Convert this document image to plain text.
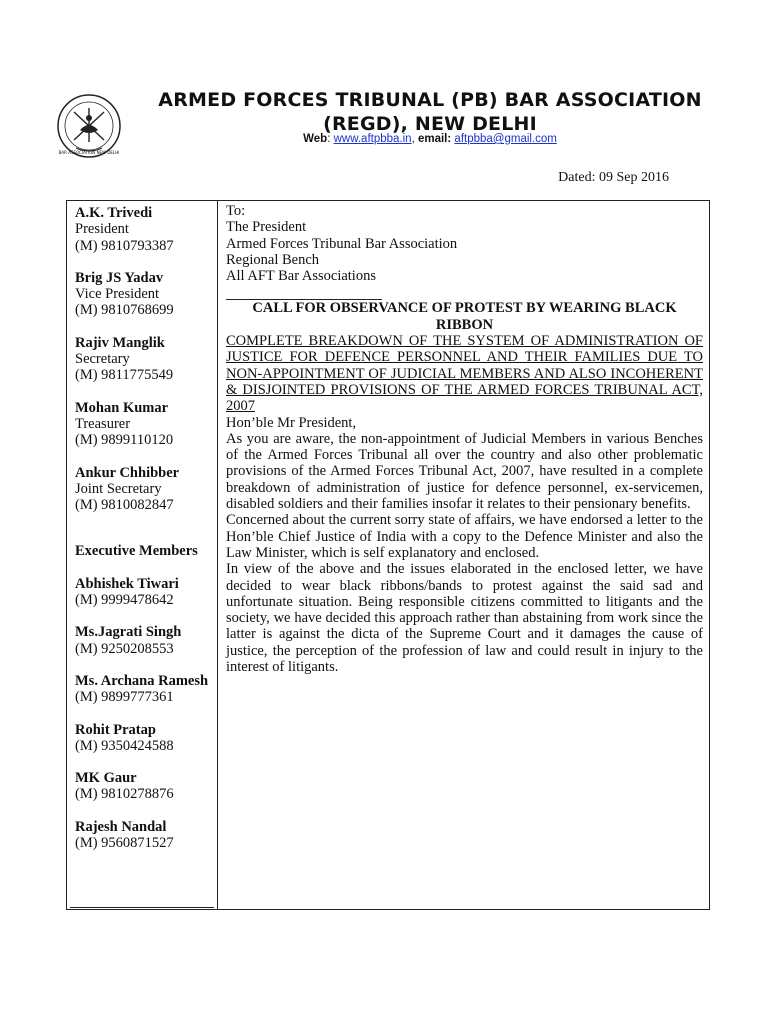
BAR ASSOCIATION NEW DELHI
ARMED FORCES TRIBUNAL (PB) BAR ASSOCIATION
(REGD), NEW DELHI
Web: www.aftpbba.in, email: aftpbba@gmail.com
Dated: 09 Sep 2016
A.K. Trivedi
President
(M) 9810793387
Brig JS Yadav
Vice President
(M) 9810768699
Rajiv Manglik
Secretary
(M) 9811775549
Mohan Kumar
Treasurer
(M) 9899110120
Ankur Chhibber
Joint Secretary
(M) 9810082847
Executive Members
Abhishek Tiwari
(M) 9999478642
Ms.Jagrati Singh
(M) 9250208553
Ms. Archana Ramesh
(M) 9899777361
Rohit Pratap
(M) 9350424588
MK Gaur
(M) 9810278876
Rajesh Nandal
(M) 9560871527

To:

The President

Armed Forces Tribunal Bar Association

Regional Bench

All AFT Bar Associations

CALL FOR OBSERVANCE OF PROTEST BY WEARING BLACK RIBBON

COMPLETE BREAKDOWN OF THE SYSTEM OF ADMINISTRATION OF JUSTICE FOR DEFENCE PERSONNEL AND THEIR FAMILIES DUE TO NON-APPOINTMENT OF JUDICIAL MEMBERS AND ALSO INCOHERENT & DISJOINTED PROVISIONS OF THE ARMED FORCES TRIBUNAL ACT, 2007

Hon’ble Mr President,

As you are aware, the non-appointment of Judicial Members in various Benches of the Armed Forces Tribunal all over the country and also other problematic provisions of the Armed Forces Tribunal Act, 2007, have resulted in a complete breakdown of administration of justice for defence personnel, ex-servicemen, disabled soldiers and their families insofar it relates to their pensionary benefits.

Concerned about the current sorry state of affairs, we have endorsed a letter to the Hon’ble Chief Justice of India with a copy to the Defence Minister and also the Law Minister, which is self explanatory and enclosed.

In view of the above and the issues elaborated in the enclosed letter, we have decided to wear black ribbons/bands to protest against the said sad and unfortunate situation. Being responsible citizens committed to litigants and the society, we have decided this approach rather than abstaining from work since the latter is against the dicta of the Supreme Court and it damages the cause of justice, the perception of the profession of law and could result in injury to the interest of litigants.
